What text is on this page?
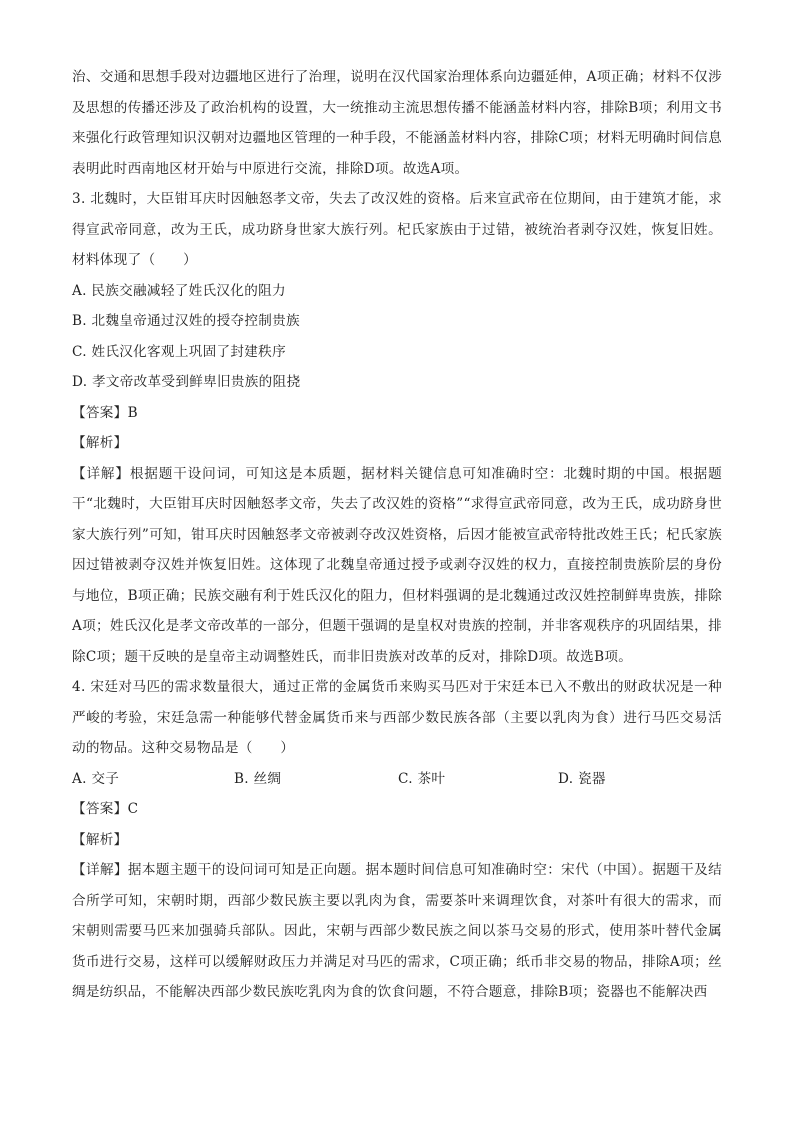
治、交通和思想手段对边疆地区进行了治理，说明在汉代国家治理体系向边疆延伸，A项正确；材料不仅涉及思想的传播还涉及了政治机构的设置，大一统推动主流思想传播不能涵盖材料内容，排除B项；利用文书来强化行政管理知识汉朝对边疆地区管理的一种手段，不能涵盖材料内容，排除C项；材料无明确时间信息表明此时西南地区材开始与中原进行交流，排除D项。故选A项。

3. 北魏时，大臣钳耳庆时因触怒孝文帝，失去了改汉姓的资格。后来宣武帝在位期间，由于建筑才能，求得宣武帝同意，改为王氏，成功跻身世家大族行列。杞氏家族由于过错，被统治者剥夺汉姓，恢复旧姓。材料体现了（　　）

A. 民族交融减轻了姓氏汉化的阻力

B. 北魏皇帝通过汉姓的授夺控制贵族

C. 姓氏汉化客观上巩固了封建秩序

D. 孝文帝改革受到鲜卑旧贵族的阻挠

【答案】B

【解析】

【详解】根据题干设问词，可知这是本质题，据材料关键信息可知准确时空：北魏时期的中国。根据题干“北魏时，大臣钳耳庆时因触怒孝文帝，失去了改汉姓的资格”“求得宣武帝同意，改为王氏，成功跻身世家大族行列”可知，钳耳庆时因触怒孝文帝被剥夺改汉姓资格，后因才能被宣武帝特批改姓王氏；杞氏家族因过错被剥夺汉姓并恢复旧姓。这体现了北魏皇帝通过授予或剥夺汉姓的权力，直接控制贵族阶层的身份与地位，B项正确；民族交融有利于姓氏汉化的阻力，但材料强调的是北魏通过改汉姓控制鲜卑贵族，排除A项；姓氏汉化是孝文帝改革的一部分，但题干强调的是皇权对贵族的控制，并非客观秩序的巩固结果，排除C项；题干反映的是皇帝主动调整姓氏，而非旧贵族对改革的反对，排除D项。故选B项。

4. 宋廷对马匹的需求数量很大，通过正常的金属货币来购买马匹对于宋廷本已入不敷出的财政状况是一种严峻的考验，宋廷急需一种能够代替金属货币来与西部少数民族各部（主要以乳肉为食）进行马匹交易活动的物品。这种交易物品是（　　）

A. 交子	B. 丝绸	C. 茶叶	D. 瓷器

【答案】C

【解析】

【详解】据本题主题干的设问词可知是正向题。据本题时间信息可知准确时空：宋代（中国）。据题干及结合所学可知，宋朝时期，西部少数民族主要以乳肉为食，需要茶叶来调理饮食，对茶叶有很大的需求，而宋朝则需要马匹来加强骑兵部队。因此，宋朝与西部少数民族之间以茶马交易的形式，使用茶叶替代金属货币进行交易，这样可以缓解财政压力并满足对马匹的需求，C项正确；纸币非交易的物品，排除A项；丝绸是纺织品，不能解决西部少数民族吃乳肉为食的饮食问题，不符合题意，排除B项；瓷器也不能解决西
